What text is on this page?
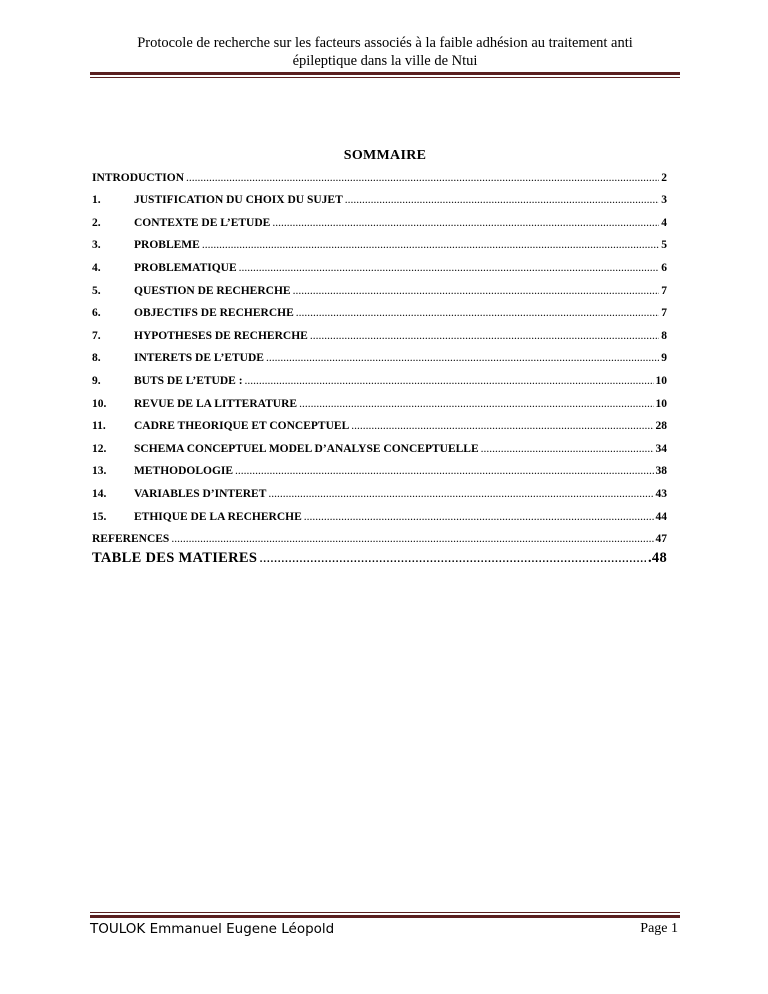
Protocole de recherche sur les facteurs associés à la faible adhésion au traitement anti
épileptique dans la ville de Ntui
SOMMAIRE
INTRODUCTION .....	2
1.	JUSTIFICATION DU CHOIX DU SUJET .....	3
2.	CONTEXTE DE L’ETUDE .....	4
3.	PROBLEME .....	5
4.	PROBLEMATIQUE .....	6
5.	QUESTION DE RECHERCHE .....	7
6.	OBJECTIFS DE RECHERCHE .....	7
7.	HYPOTHESES DE RECHERCHE .....	8
8.	INTERETS DE L’ETUDE .....	9
9.	BUTS DE L’ETUDE : .....	10
10.	REVUE DE LA LITTERATURE .....	10
11.	CADRE THEORIQUE ET CONCEPTUEL .....	28
12.	SCHEMA CONCEPTUEL MODEL D’ANALYSE CONCEPTUELLE .....	34
13.	METHODOLOGIE .....	38
14.	VARIABLES D’INTERET .....	43
15.	ETHIQUE DE LA RECHERCHE .....	44
REFERENCES .....	47
TABLE DES MATIERES .....	.48
TOULOK Emmanuel Eugene Léopold	Page 1
